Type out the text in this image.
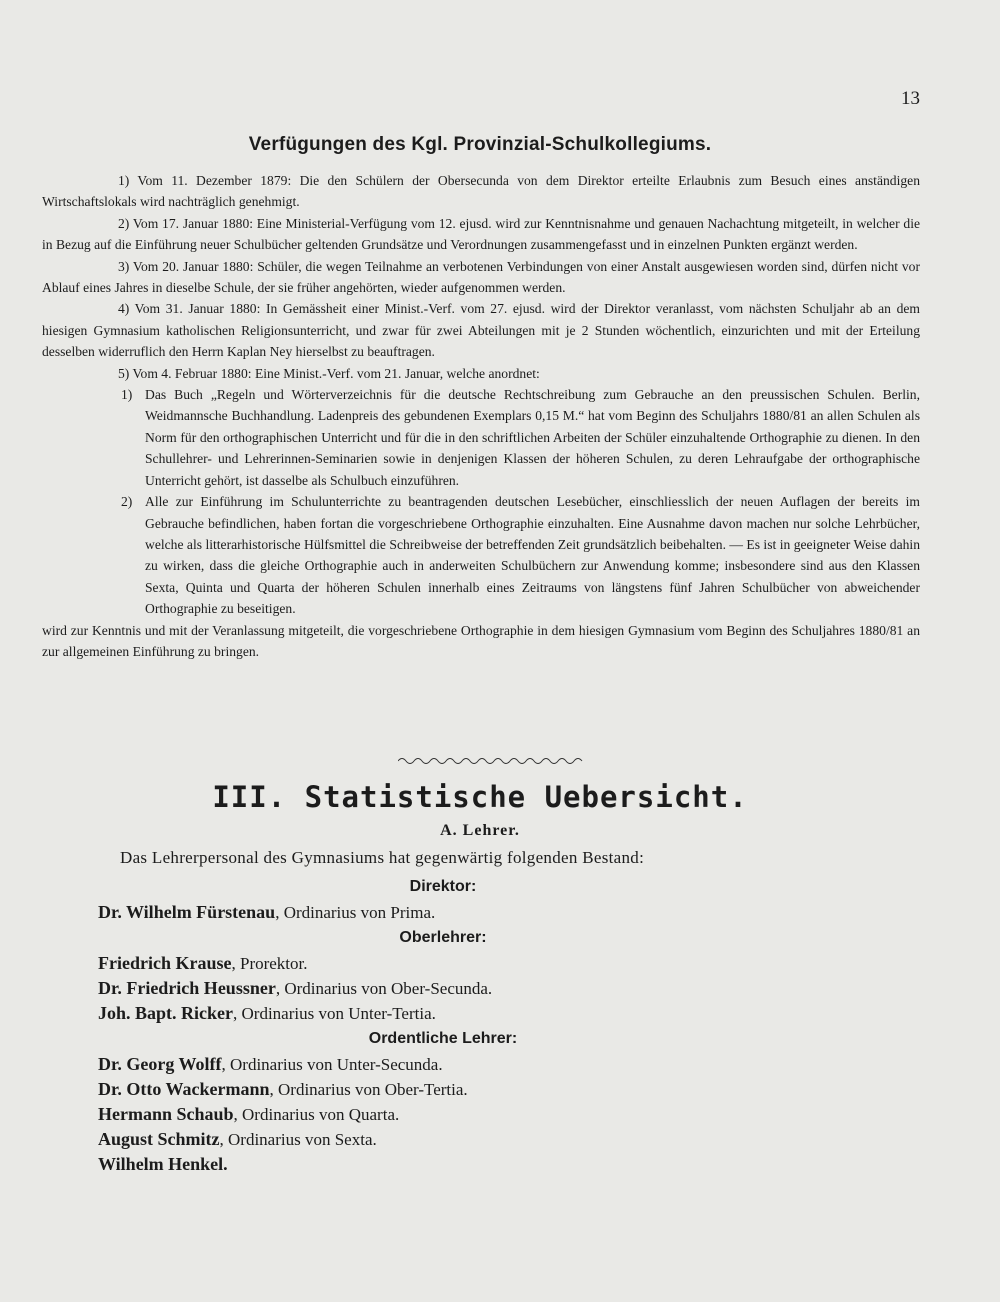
13
Verfügungen des Kgl. Provinzial-Schulkollegiums.

1) Vom 11. Dezember 1879: Die den Schülern der Obersecunda von dem Direktor erteilte Erlaubnis zum Besuch eines anständigen Wirtschaftslokals wird nachträglich genehmigt.

2) Vom 17. Januar 1880: Eine Ministerial-Verfügung vom 12. ejusd. wird zur Kenntnisnahme und genauen Nachachtung mitgeteilt, in welcher die in Bezug auf die Einführung neuer Schulbücher geltenden Grundsätze und Verordnungen zusammengefasst und in einzelnen Punkten ergänzt werden.

3) Vom 20. Januar 1880: Schüler, die wegen Teilnahme an verbotenen Verbindungen von einer Anstalt ausgewiesen worden sind, dürfen nicht vor Ablauf eines Jahres in dieselbe Schule, der sie früher angehörten, wieder aufgenommen werden.

4) Vom 31. Januar 1880: In Gemässheit einer Minist.-Verf. vom 27. ejusd. wird der Direktor veranlasst, vom nächsten Schuljahr ab an dem hiesigen Gymnasium katholischen Religionsunterricht, und zwar für zwei Abteilungen mit je 2 Stunden wöchentlich, einzurichten und mit der Erteilung desselben widerruflich den Herrn Kaplan Ney hierselbst zu beauftragen.

5) Vom 4. Februar 1880: Eine Minist.-Verf. vom 21. Januar, welche anordnet:

1) Das Buch „Regeln und Wörterverzeichnis für die deutsche Rechtschreibung zum Gebrauche an den preussischen Schulen. Berlin, Weidmannsche Buchhandlung. Ladenpreis des gebundenen Exemplars 0,15 M.“ hat vom Beginn des Schuljahrs 1880/81 an allen Schulen als Norm für den orthographischen Unterricht und für die in den schriftlichen Arbeiten der Schüler einzuhaltende Orthographie zu dienen. In den Schullehrer- und Lehrerinnen-Seminarien sowie in denjenigen Klassen der höheren Schulen, zu deren Lehraufgabe der orthographische Unterricht gehört, ist dasselbe als Schulbuch einzuführen.
2) Alle zur Einführung im Schulunterrichte zu beantragenden deutschen Lesebücher, einschliesslich der neuen Auflagen der bereits im Gebrauche befindlichen, haben fortan die vorgeschriebene Orthographie einzuhalten. Eine Ausnahme davon machen nur solche Lehrbücher, welche als litterarhistorische Hülfsmittel die Schreibweise der betreffenden Zeit grundsätzlich beibehalten. — Es ist in geeigneter Weise dahin zu wirken, dass die gleiche Orthographie auch in anderweiten Schulbüchern zur Anwendung komme; insbesondere sind aus den Klassen Sexta, Quinta und Quarta der höheren Schulen innerhalb eines Zeitraums von längstens fünf Jahren Schulbücher von abweichender Orthographie zu beseitigen.

wird zur Kenntnis und mit der Veranlassung mitgeteilt, die vorgeschriebene Orthographie in dem hiesigen Gymnasium vom Beginn des Schuljahres 1880/81 an zur allgemeinen Einführung zu bringen.

III. Statistische Uebersicht.
A. Lehrer.
Das Lehrerpersonal des Gymnasiums hat gegenwärtig folgenden Bestand:
Direktor:
Dr. Wilhelm Fürstenau, Ordinarius von Prima.
Oberlehrer:
Friedrich Krause, Prorektor.
Dr. Friedrich Heussner, Ordinarius von Ober-Secunda.
Joh. Bapt. Ricker, Ordinarius von Unter-Tertia.
Ordentliche Lehrer:
Dr. Georg Wolff, Ordinarius von Unter-Secunda.
Dr. Otto Wackermann, Ordinarius von Ober-Tertia.
Hermann Schaub, Ordinarius von Quarta.
August Schmitz, Ordinarius von Sexta.
Wilhelm Henkel.
